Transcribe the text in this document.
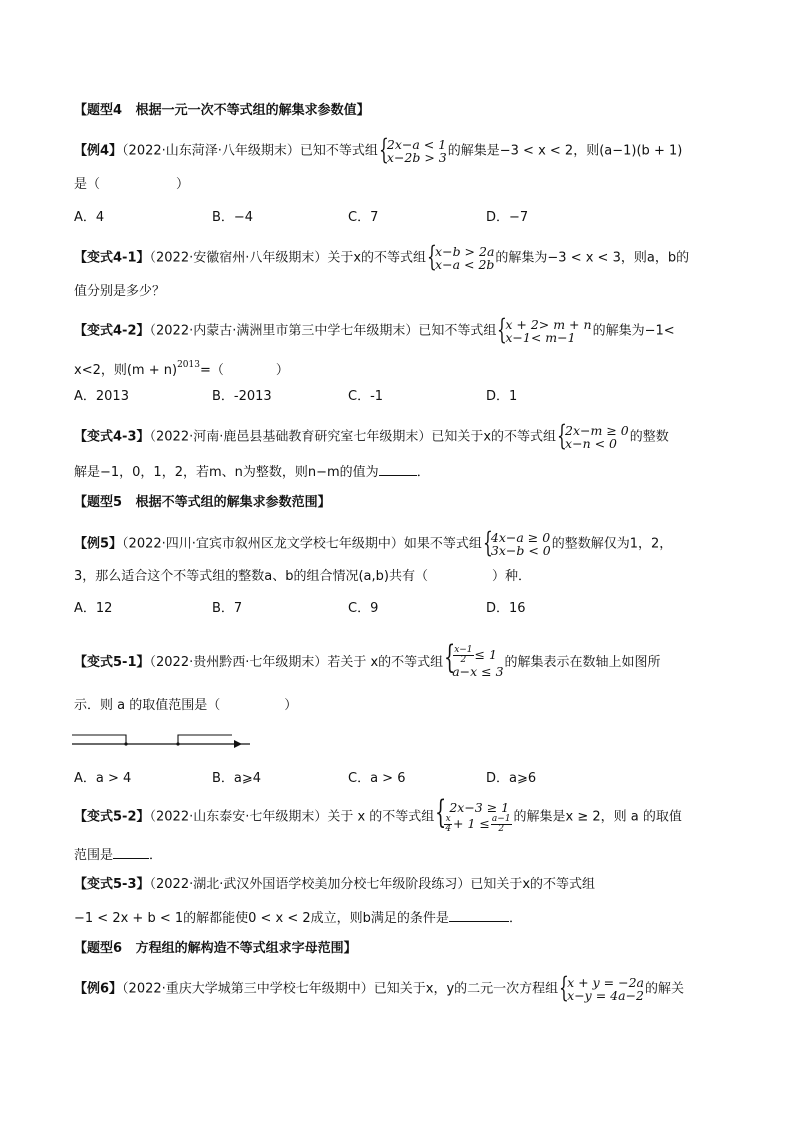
【题型4 根据一元一次不等式组的解集求参数值】
【例4】（2022·山东菏泽·八年级期末）已知不等式组 {
2x−a < 1
x−2b > 3 的解集是−3 < x < 2，则(a−1)(b + 1)
是（	）
A．4	B．−4	C．7	D．−7
【变式4-1】（2022·安徽宿州·八年级期末）关于x的不等式组 {
x−b > 2a
x−a < 2b 的解集为−3 < x < 3，则a，b的
值分别是多少？
【变式4-2】（2022·内蒙古·满洲里市第三中学七年级期末）已知不等式组 {
x + 2> m + n
x−1< m−1	的解集为−1<
x<2，则$(m + n)^{2013}=$（	）
A．2013	B．-2013	C．-1	D．1
【变式4-3】（2022·河南·鹿邑县基础教育研究室七年级期末）已知关于x的不等式组 {
2x−m ≥ 0
x−n < 0 的整数
解是−1，0，1，2，若m、n为整数，则n−m的值为	．
【题型5 根据不等式组的解集求参数范围】
【例5】（2022·四川·宜宾市叙州区龙文学校七年级期中）如果不等式组 {
4x−a ≥ 0
3x−b < 0 的整数解仅为1，2，
3，那么适合这个不等式组的整数a、b的组合情况(a,b)共有（	）种．
A．12	B．7	C．9	D．16
【变式5-1】（2022·贵州黔西·七年级期末）若关于 x的不等式组 {
$\frac{x-1}{2} \le 1$
a−x ≤ 3
的解集表示在数轴上如图所
示．则 a 的取值范围是（	）
A．a > 4	B．a⩾4	C．a > 6	D．a⩾6
【变式5-2】（2022·山东泰安·七年级期末）关于 x 的不等式组 { 2x−3 ≥ 1
$\frac{x}{4} + 1 \le \frac{a-1}{2}$ 的解集是x ≥ 2，则 a 的取值
范围是	．
【变式5-3】（2022·湖北·武汉外国语学校美加分校七年级阶段练习）已知关于x的不等式组
−1 < 2x + b < 1的解都能使0 < x < 2成立，则b满足的条件是	．
【题型6 方程组的解构造不等式组求字母范围】
【例6】（2022·重庆大学城第三中学校七年级期中）已知关于x，y的二元一次方程组 {
x + y = −2a
x−y = 4a−2 的解关
